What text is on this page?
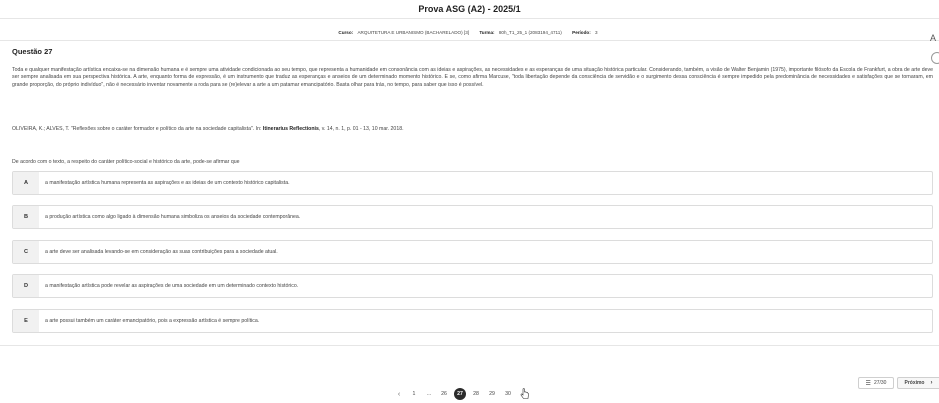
Prova ASG (A2) - 2025/1
Curso: ARQUITETURA E URBANISMO (BACHARELADO) [3] Turma: 80h_T1_25_1 (2083194_4711) Período: 3
A
Questão 27

Toda e qualquer manifestação artística encaixa-se na dimensão humana e é sempre uma atividade condicionada ao seu tempo, que representa a humanidade em consonância com as ideias e aspirações, as necessidades e as esperanças de uma situação histórica particular. Considerando, também, a visão de Walter Benjamin (1975), importante filósofo da Escola de Frankfurt, a obra de arte deve ser sempre analisada em sua perspectiva histórica. A arte, enquanto forma de expressão, é um instrumento que traduz as esperanças e anseios de um determinado momento histórico. E se, como afirma Marcuse, "toda libertação depende da consciência de servidão e o surgimento dessa consciência é sempre impedido pela predominância de necessidades e satisfações que se tornaram, em grande proporção, do próprio indivíduo", não é necessário inventar novamente a roda para se (re)elevar a arte a um patamar emancipatório. Basta olhar para trás, no tempo, para saber que isso é possível.

OLIVEIRA, K.; ALVES, T. "Reflexões sobre o caráter formador e político da arte na sociedade capitalista". In: Itinerarius Reflectionis, v. 14, n. 1, p. 01 - 13, 10 mar. 2018.
De acordo com o texto, a respeito do caráter político-social e histórico da arte, pode-se afirmar que
A	a manifestação artística humana representa as aspirações e as ideias de um contexto histórico capitalista.
B	a produção artística como algo ligado à dimensão humana simboliza os anseios da sociedade contemporânea.
C	a arte deve ser analisada levando-se em consideração as suas contribuições para a sociedade atual.
D	a manifestação artística pode revelar as aspirações de uma sociedade em um determinado contexto histórico.
E	a arte possui também um caráter emancipatório, pois a expressão artística é sempre política.
‹	1	...	26	27	28	29	30
☰ 27/30	Próximo ›
